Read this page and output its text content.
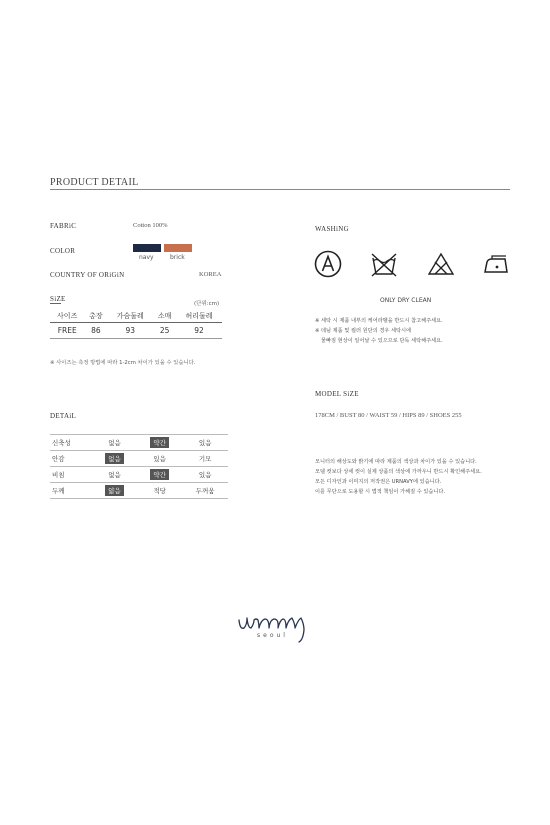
PRODUCT DETAIL
FABRiC	Cotton 100%
COLOR
navy	brick
COUNTRY OF ORiGiN	KOREA
SiZE
(단위:cm)
사이즈	총장	가슴둘레	소매	허리둘레
FREE	86	93	25	92
※ 사이즈는 측정 방법에 따라 1-2cm 차이가 있을 수 있습니다.
DETAiL
신축성	없음	약간	있음
안감	없음	있음	기모
비침	없음	약간	있음
두께	얇음	적당	두꺼움
WASHiNG
ONLY DRY CLEAN
※ 세탁 시 제품 내부의 케어라벨을 반드시 참고해주세요.
※ 데님 제품 및 컬러 원단의 경우 세탁시에
물빠짐 현상이 일어날 수 있으므로 단독 세탁해주세요.
MODEL SiZE
178CM / BUST 80 / WAIST 59 / HIPS 89 / SHOES 255
모니터의 해상도와 밝기에 따라 제품의 색상과 차이가 있을 수 있습니다.
모델 컷보다 상세 컷이 실제 상품의 색상에 가까우니 반드시 확인해주세요.
모든 디자인과 이미지의 저작권은 URNAVY에 있습니다.
이를 무단으로 도용할 시 법적 책임이 가해질 수 있습니다.
seoul
